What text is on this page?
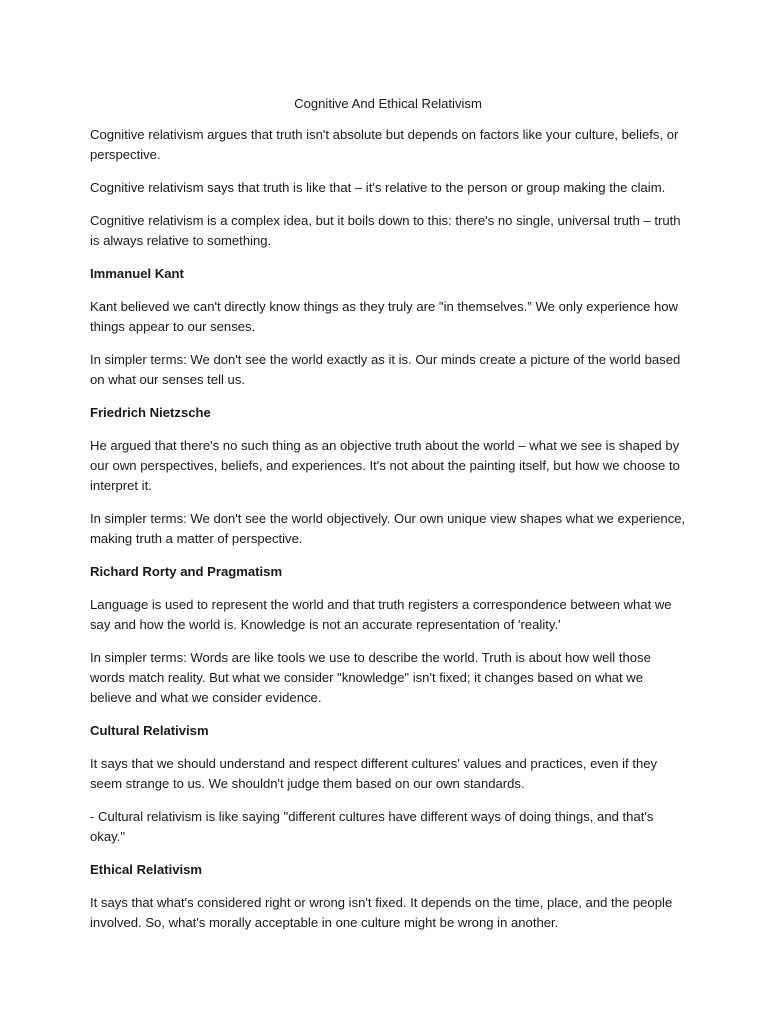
Cognitive And Ethical Relativism

Cognitive relativism argues that truth isn't absolute but depends on factors like your culture, beliefs, or perspective.

Cognitive relativism says that truth is like that – it's relative to the person or group making the claim.

Cognitive relativism is a complex idea, but it boils down to this: there's no single, universal truth – truth is always relative to something.

Immanuel Kant

Kant believed we can't directly know things as they truly are "in themselves." We only experience how things appear to our senses.

In simpler terms: We don't see the world exactly as it is. Our minds create a picture of the world based on what our senses tell us.

Friedrich Nietzsche

He argued that there's no such thing as an objective truth about the world – what we see is shaped by our own perspectives, beliefs, and experiences. It's not about the painting itself, but how we choose to interpret it.

In simpler terms: We don't see the world objectively. Our own unique view shapes what we experience, making truth a matter of perspective.

Richard Rorty and Pragmatism

Language is used to represent the world and that truth registers a correspondence between what we say and how the world is. Knowledge is not an accurate representation of 'reality.'

In simpler terms: Words are like tools we use to describe the world. Truth is about how well those words match reality. But what we consider "knowledge" isn't fixed; it changes based on what we believe and what we consider evidence.

Cultural Relativism

It says that we should understand and respect different cultures' values and practices, even if they seem strange to us. We shouldn't judge them based on our own standards.

- Cultural relativism is like saying "different cultures have different ways of doing things, and that's okay."

Ethical Relativism

It says that what's considered right or wrong isn't fixed. It depends on the time, place, and the people involved. So, what's morally acceptable in one culture might be wrong in another.
